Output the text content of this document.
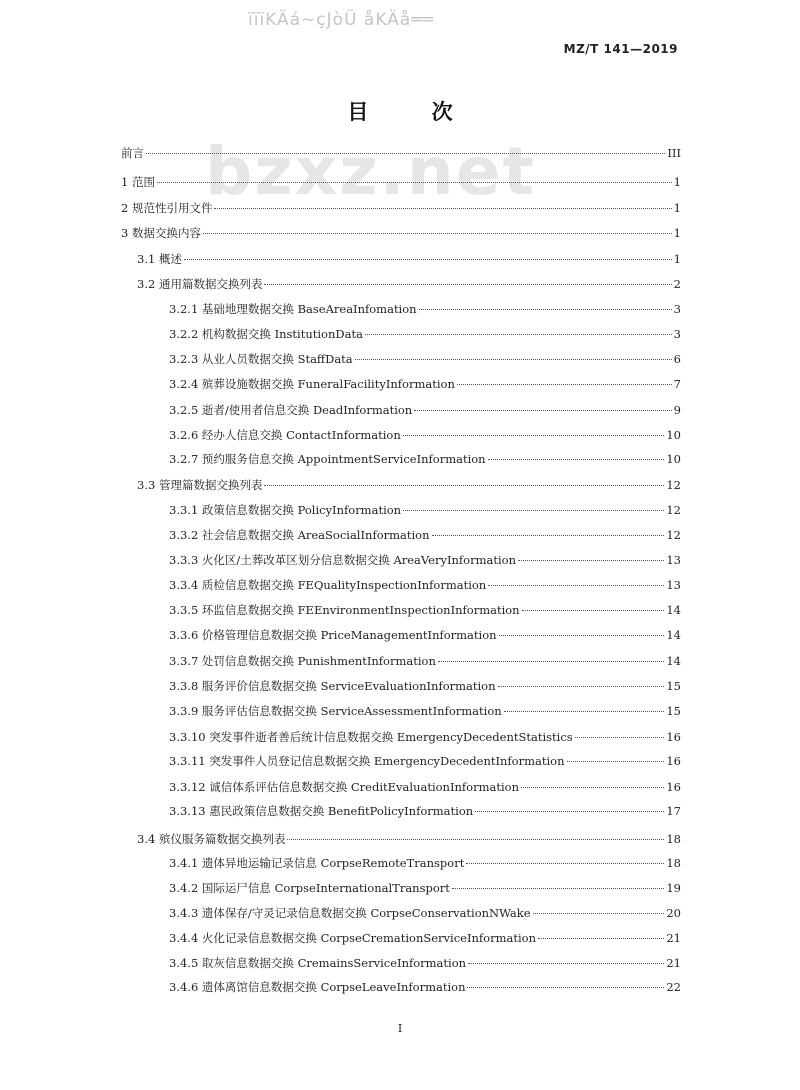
ïïïKÄá~çJòÜ åKÄå══
MZ/T 141—2019
bzxz.net
目 次
前言	III
1 范围	1
2 规范性引用文件	1
3 数据交换内容	1
3.1 概述	1
3.2 通用篇数据交换列表	2
3.2.1 基础地理数据交换 BaseAreaInfomation	3
3.2.2 机构数据交换 InstitutionData	3
3.2.3 从业人员数据交换 StaffData	6
3.2.4 殡葬设施数据交换 FuneralFacilityInformation	7
3.2.5 逝者/使用者信息交换 DeadInformation	9
3.2.6 经办人信息交换 ContactInformation	10
3.2.7 预约服务信息交换 AppointmentServiceInformation	10
3.3 管理篇数据交换列表	12
3.3.1 政策信息数据交换 PolicyInformation	12
3.3.2 社会信息数据交换 AreaSocialInformation	12
3.3.3 火化区/土葬改革区划分信息数据交换 AreaVeryInformation	13
3.3.4 质检信息数据交换 FEQualityInspectionInformation	13
3.3.5 环监信息数据交换 FEEnvironmentInspectionInformation	14
3.3.6 价格管理信息数据交换 PriceManagementInformation	14
3.3.7 处罚信息数据交换 PunishmentInformation	14
3.3.8 服务评价信息数据交换 ServiceEvaluationInformation	15
3.3.9 服务评估信息数据交换 ServiceAssessmentInformation	15
3.3.10 突发事件逝者善后统计信息数据交换 EmergencyDecedentStatistics	16
3.3.11 突发事件人员登记信息数据交换 EmergencyDecedentInformation	16
3.3.12 诚信体系评估信息数据交换 CreditEvaluationInformation	16
3.3.13 惠民政策信息数据交换 BenefitPolicyInformation	17
3.4 殡仪服务篇数据交换列表	18
3.4.1 遗体异地运输记录信息 CorpseRemoteTransport	18
3.4.2 国际运尸信息 CorpseInternationalTransport	19
3.4.3 遗体保存/守灵记录信息数据交换 CorpseConservationNWake	20
3.4.4 火化记录信息数据交换 CorpseCremationServiceInformation	21
3.4.5 取灰信息数据交换 CremainsServiceInformation	21
3.4.6 遗体离馆信息数据交换 CorpseLeaveInformation	22
I
